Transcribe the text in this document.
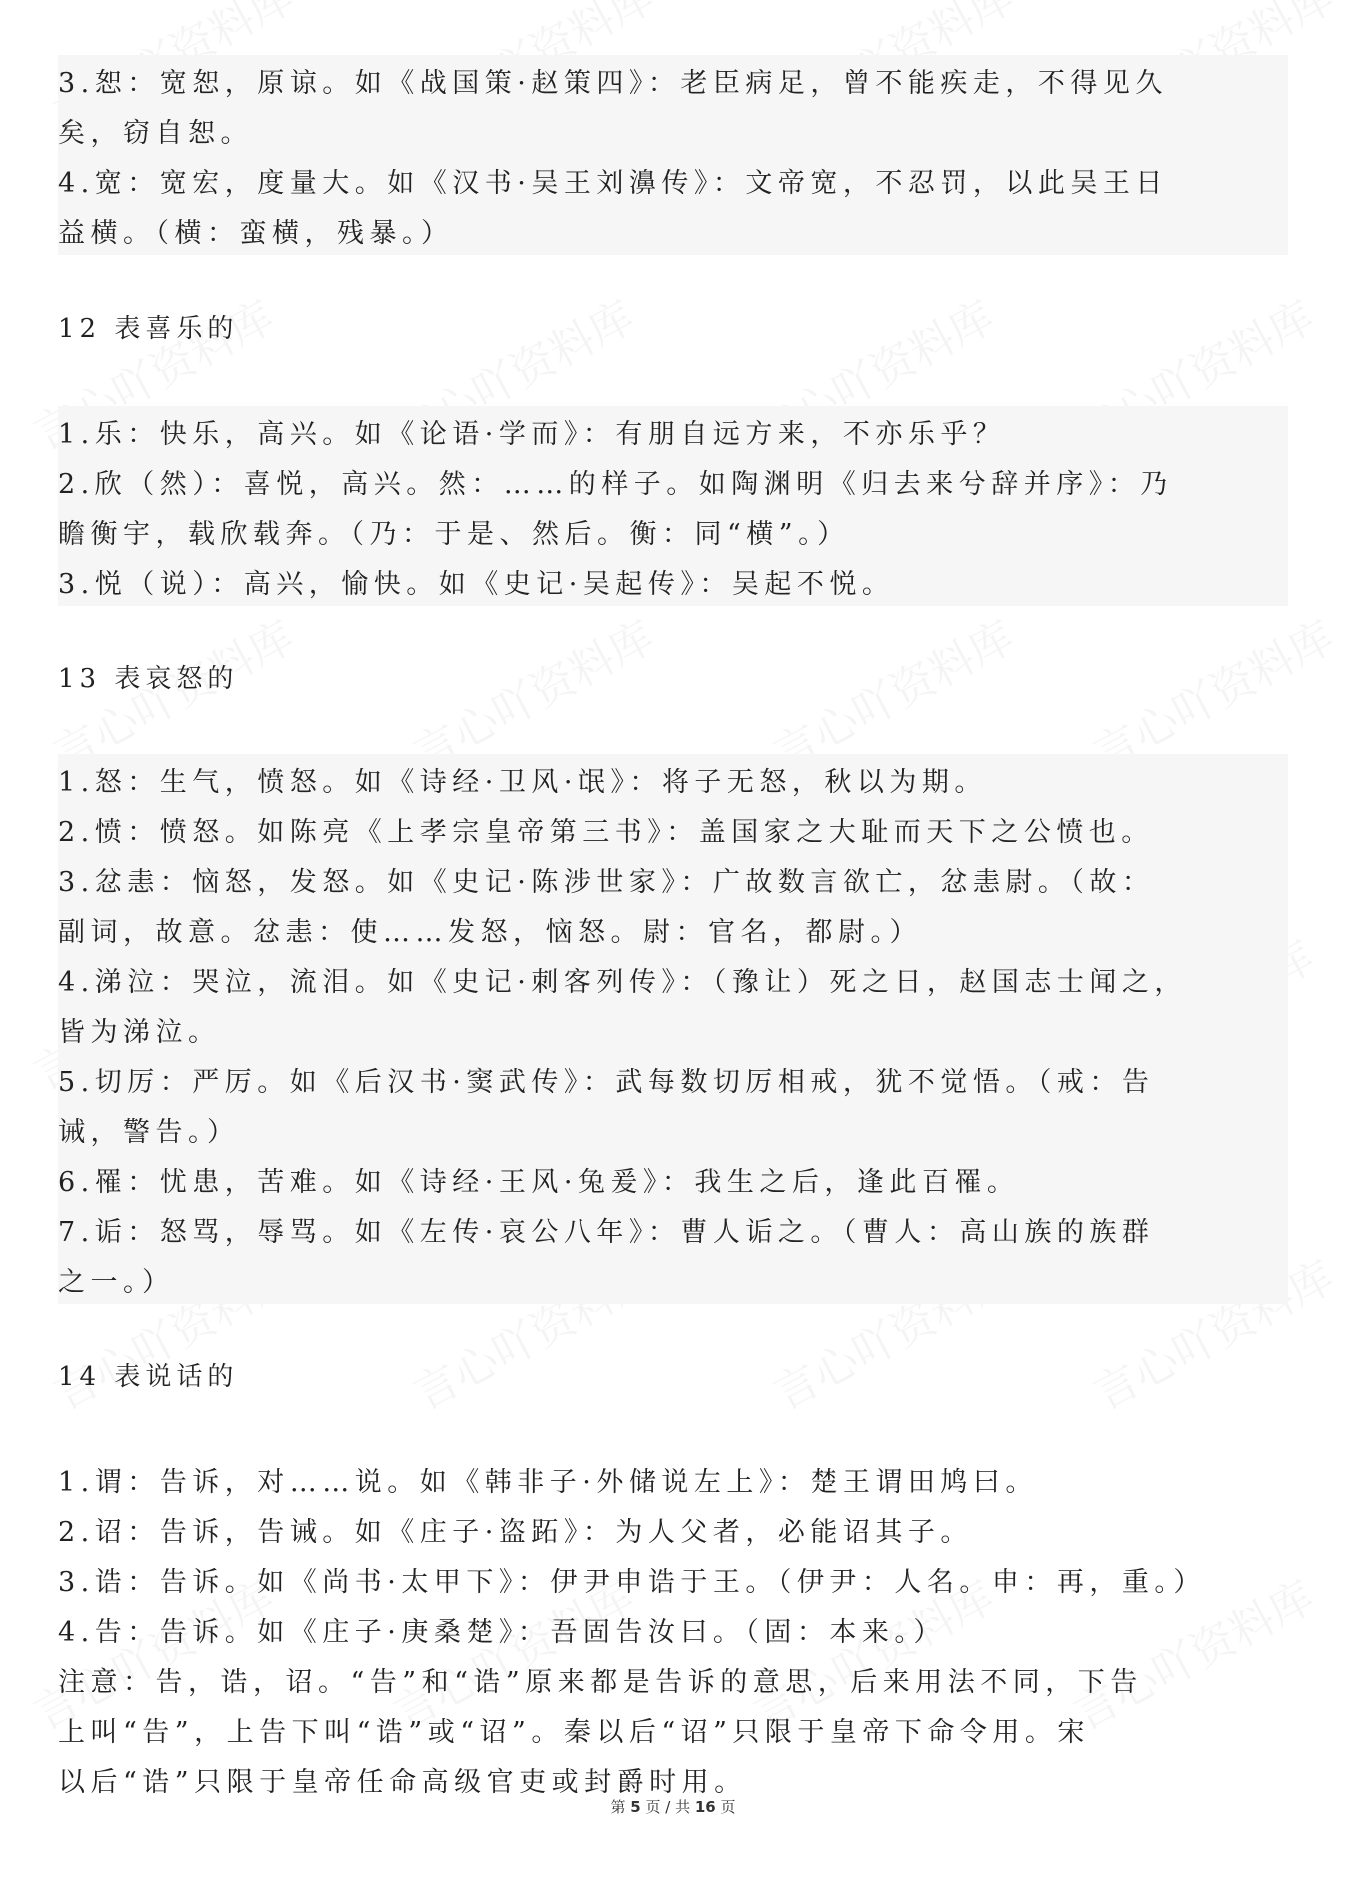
3.恕：宽恕，原谅。如《战国策·赵策四》：老臣病足，曾不能疾走，不得见久
矣，窃自恕。
4.宽：宽宏，度量大。如《汉书·吴王刘濞传》：文帝宽，不忍罚，以此吴王日
益横。（横：蛮横，残暴。）
12 表喜乐的
1.乐：快乐，高兴。如《论语·学而》：有朋自远方来，不亦乐乎？
2.欣（然）：喜悦，高兴。然：……的样子。如陶渊明《归去来兮辞并序》：乃
瞻衡宇，载欣载奔。（乃：于是、然后。衡：同“横”。）
3.悦（说）：高兴，愉快。如《史记·吴起传》：吴起不悦。
13 表哀怒的
1.怒：生气，愤怒。如《诗经·卫风·氓》：将子无怒，秋以为期。
2.愤：愤怒。如陈亮《上孝宗皇帝第三书》：盖国家之大耻而天下之公愤也。
3.忿恚：恼怒，发怒。如《史记·陈涉世家》：广故数言欲亡，忿恚尉。（故：
副词，故意。忿恚：使……发怒，恼怒。尉：官名，都尉。）
4.涕泣：哭泣，流泪。如《史记·刺客列传》：（豫让）死之日，赵国志士闻之，
皆为涕泣。
5.切厉：严厉。如《后汉书·窦武传》：武每数切厉相戒，犹不觉悟。（戒：告
诫，警告。）
6.罹：忧患，苦难。如《诗经·王风·兔爰》：我生之后，逢此百罹。
7.诟：怒骂，辱骂。如《左传·哀公八年》：曹人诟之。（曹人：高山族的族群
之一。）
14 表说话的
1.谓：告诉，对……说。如《韩非子·外储说左上》：楚王谓田鸠曰。
2.诏：告诉，告诫。如《庄子·盗跖》：为人父者，必能诏其子。
3.诰：告诉。如《尚书·太甲下》：伊尹申诰于王。（伊尹：人名。申：再，重。）
4.告：告诉。如《庄子·庚桑楚》：吾固告汝曰。（固：本来。）
注意：告，诰，诏。“告”和“诰”原来都是告诉的意思，后来用法不同，下告
上叫“告”，上告下叫“诰”或“诏”。秦以后“诏”只限于皇帝下命令用。宋
以后“诰”只限于皇帝任命高级官吏或封爵时用。
第 5 页 / 共 16 页
